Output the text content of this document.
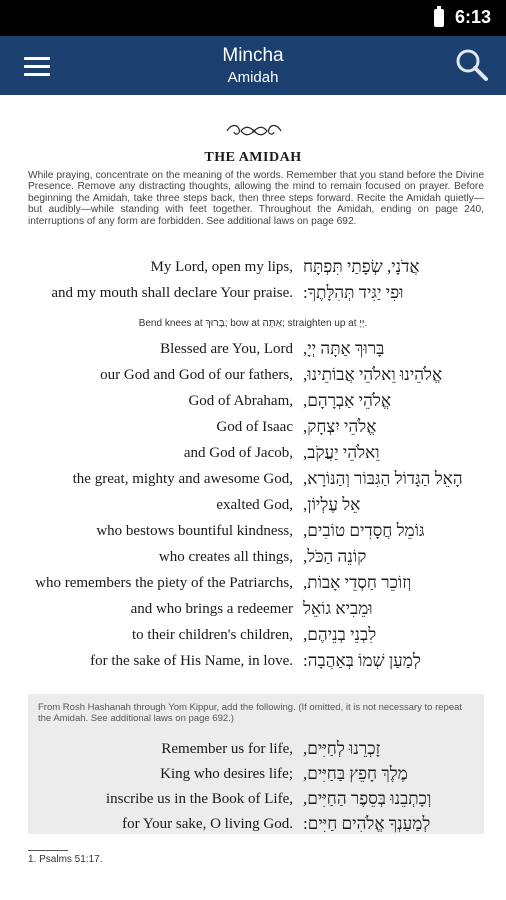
6:13
Mincha
Amidah
THE AMIDAH
While praying, concentrate on the meaning of the words. Remember that you stand before the Divine Presence. Remove any distracting thoughts, allowing the mind to remain focused on prayer. Before beginning the Amidah, take three steps back, then three steps forward. Recite the Amidah quietly—but audibly—while standing with feet together. Throughout the Amidah, ending on page 240, interruptions of any form are forbidden. See additional laws on page 692.
My Lord, open my lips, אֲדֹנָי, שְׂפָתַי תִּפְתָּח
and my mouth shall declare Your praise. וּפִי יַגִּיד תְּהִלָּתֶךָ:
Bend knees at בָּרוּךְ; bow at אַתָּה; straighten up at יְיָ.
Blessed are You, Lord בָּרוּךְ אַתָּה יְיָ,
our God and God of our fathers, אֱלֹהֵינוּ וֵאלֹהֵי אֲבוֹתֵינוּ,
God of Abraham, אֱלֹהֵי אַבְרָהָם,
God of Isaac אֱלֹהֵי יִצְחָק,
and God of Jacob, וֵאלֹהֵי יַעֲקֹב,
the great, mighty and awesome God, הָאֵל הַגָּדוֹל הַגִּבּוֹר וְהַנּוֹרָא,
exalted God, אֵל עֶלְיוֹן,
who bestows bountiful kindness, גּוֹמֵל חֲסָדִים טוֹבִים,
who creates all things, קוֹנֵה הַכֹּל,
who remembers the piety of the Patriarchs, וְזוֹכֵר חַסְדֵי אָבוֹת,
and who brings a redeemer וּמֵבִיא גוֹאֵל
to their children's children, לִבְנֵי בְנֵיהֶם,
for the sake of His Name, in love. לְמַעַן שְׁמוֹ בְּאַהֲבָה:
From Rosh Hashanah through Yom Kippur, add the following. (If omitted, it is not necessary to repeat the Amidah. See additional laws on page 692.)
Remember us for life, זָכְרֵנוּ לְחַיִּים,
King who desires life; מֶלֶךְ חָפֵץ בַּחַיִּים,
inscribe us in the Book of Life, וְכָתְבֵנוּ בְּסֵפֶר הַחַיִּים,
for Your sake, O living God. לְמַעַנְךָ אֱלֹהִים חַיִּים:
1. Psalms 51:17.
